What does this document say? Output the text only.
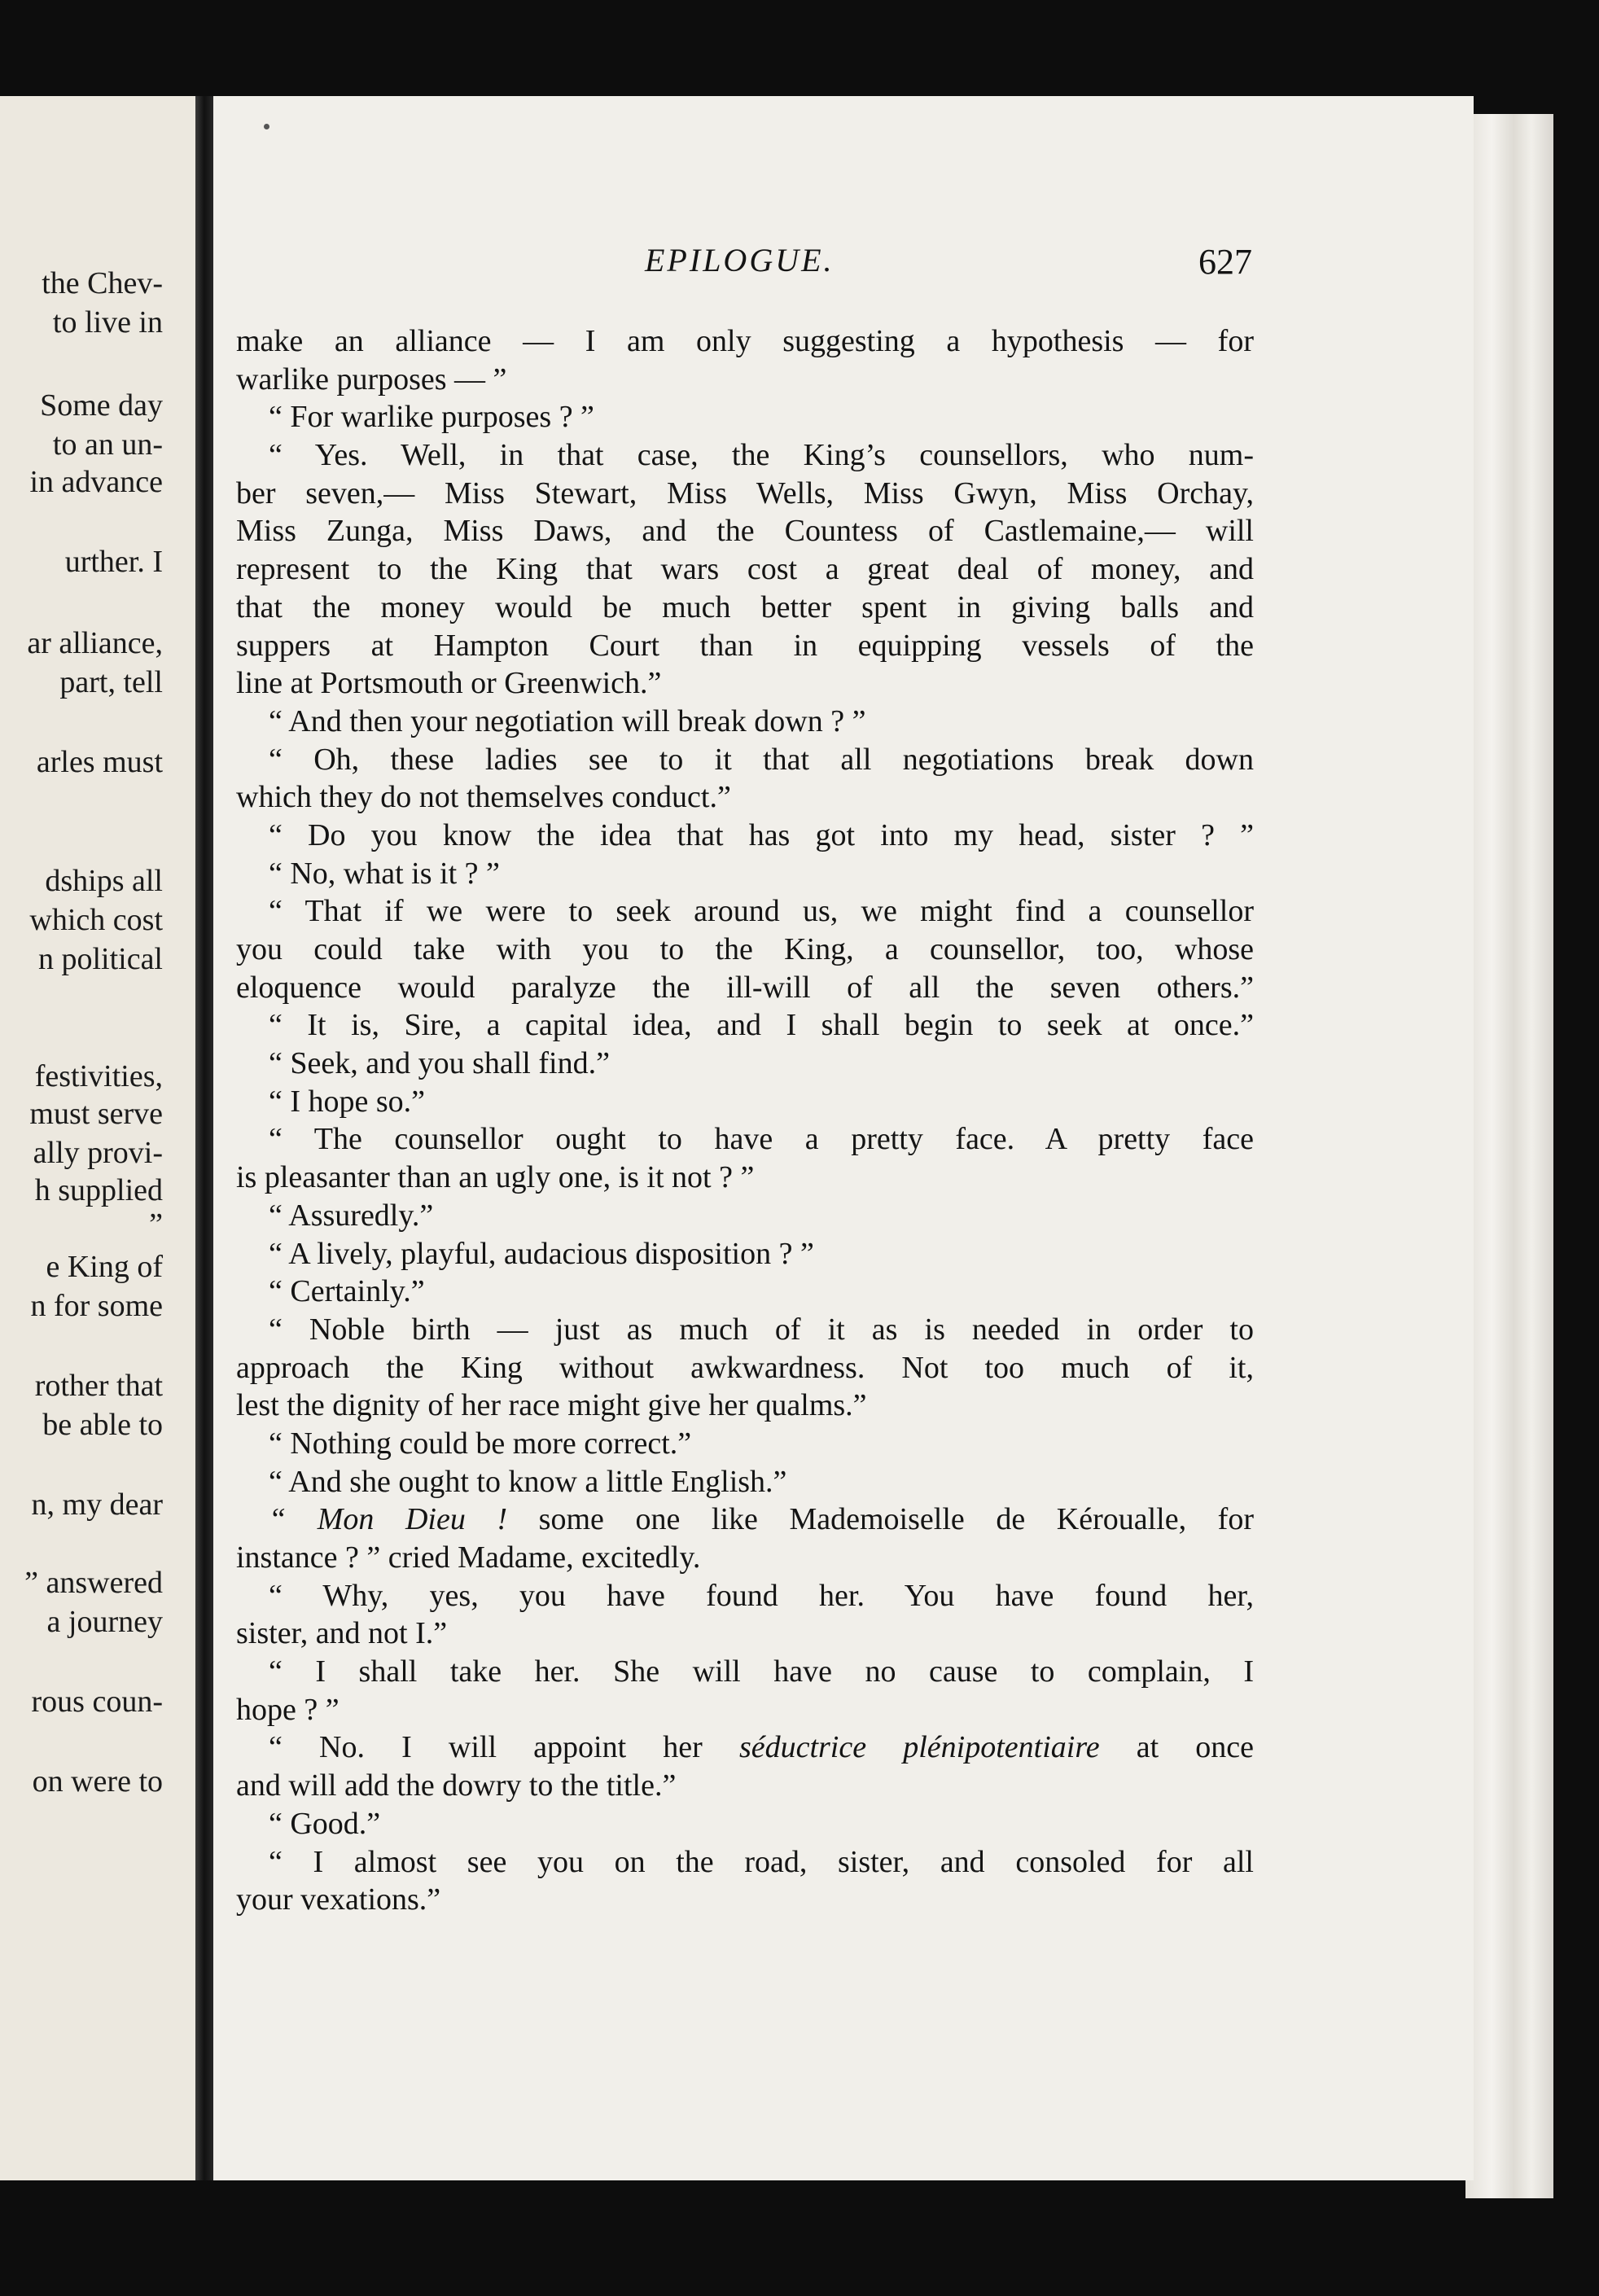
the Chev-
to live in
Some day
to an un-
in advance
urther. I
ar alliance,
part, tell
arles must
dships all
which cost
n political
festivities,
must serve
ally provi-
h supplied
”
e King of
n for some
rother that
be able to
n, my dear
” answered
a journey
rous coun-
on were to
EPILOGUE.	627
make an alliance — I am only suggesting a hypothesis — for
warlike purposes — ”
“ For warlike purposes ? ”
“ Yes. Well, in that case, the King’s counsellors, who num-
ber seven,— Miss Stewart, Miss Wells, Miss Gwyn, Miss Orchay,
Miss Zunga, Miss Daws, and the Countess of Castlemaine,— will
represent to the King that wars cost a great deal of money, and
that the money would be much better spent in giving balls and
suppers at Hampton Court than in equipping vessels of the
line at Portsmouth or Greenwich.”
“ And then your negotiation will break down ? ”
“ Oh, these ladies see to it that all negotiations break down
which they do not themselves conduct.”
“ Do you know the idea that has got into my head, sister ? ”
“ No, what is it ? ”
“ That if we were to seek around us, we might find a counsellor
you could take with you to the King, a counsellor, too, whose
eloquence would paralyze the ill-will of all the seven others.”
“ It is, Sire, a capital idea, and I shall begin to seek at once.”
“ Seek, and you shall find.”
“ I hope so.”
“ The counsellor ought to have a pretty face. A pretty face
is pleasanter than an ugly one, is it not ? ”
“ Assuredly.”
“ A lively, playful, audacious disposition ? ”
“ Certainly.”
“ Noble birth — just as much of it as is needed in order to
approach the King without awkwardness. Not too much of it,
lest the dignity of her race might give her qualms.”
“ Nothing could be more correct.”
“ And she ought to know a little English.”
“ Mon Dieu ! some one like Mademoiselle de Kéroualle, for
instance ? ” cried Madame, excitedly.
“ Why, yes, you have found her. You have found her,
sister, and not I.”
“ I shall take her. She will have no cause to complain, I
hope ? ”
“ No. I will appoint her séductrice plénipotentiaire at once
and will add the dowry to the title.”
“ Good.”
“ I almost see you on the road, sister, and consoled for all
your vexations.”
